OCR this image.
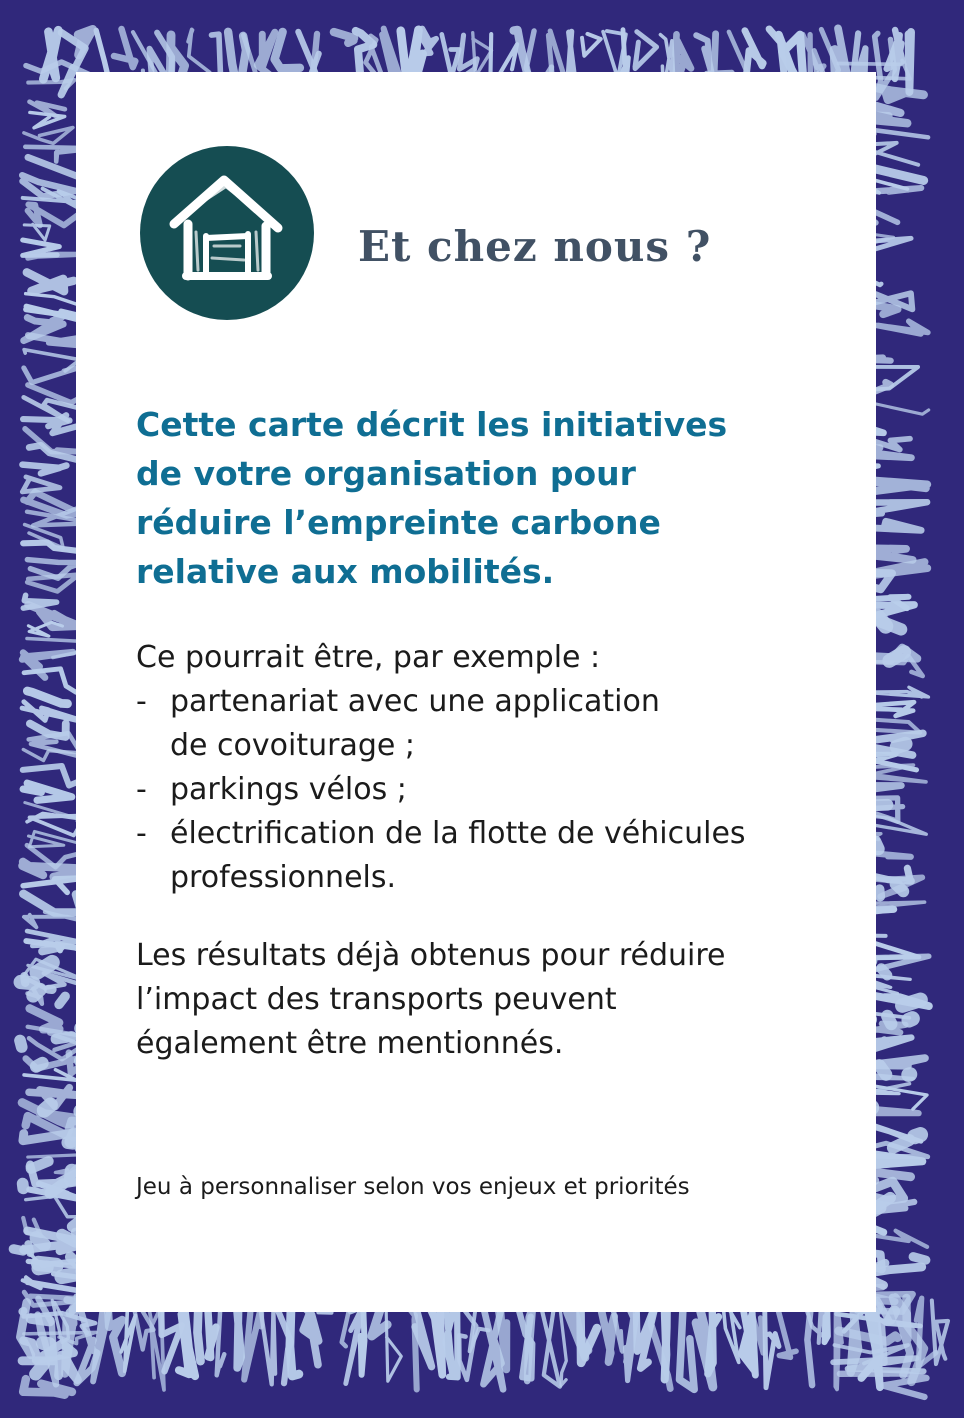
Et chez nous ?

Cette carte décrit les initiatives
de votre organisation pour
réduire l’empreinte carbone
relative aux mobilités.

Ce pourrait être, par exemple :

- partenariat avec une application
de covoiturage ;
- parkings vélos ;
- électrification de la flotte de véhicules
professionnels.

Les résultats déjà obtenus pour réduire
l’impact des transports peuvent
également être mentionnés.

Jeu à personnaliser selon vos enjeux et priorités
